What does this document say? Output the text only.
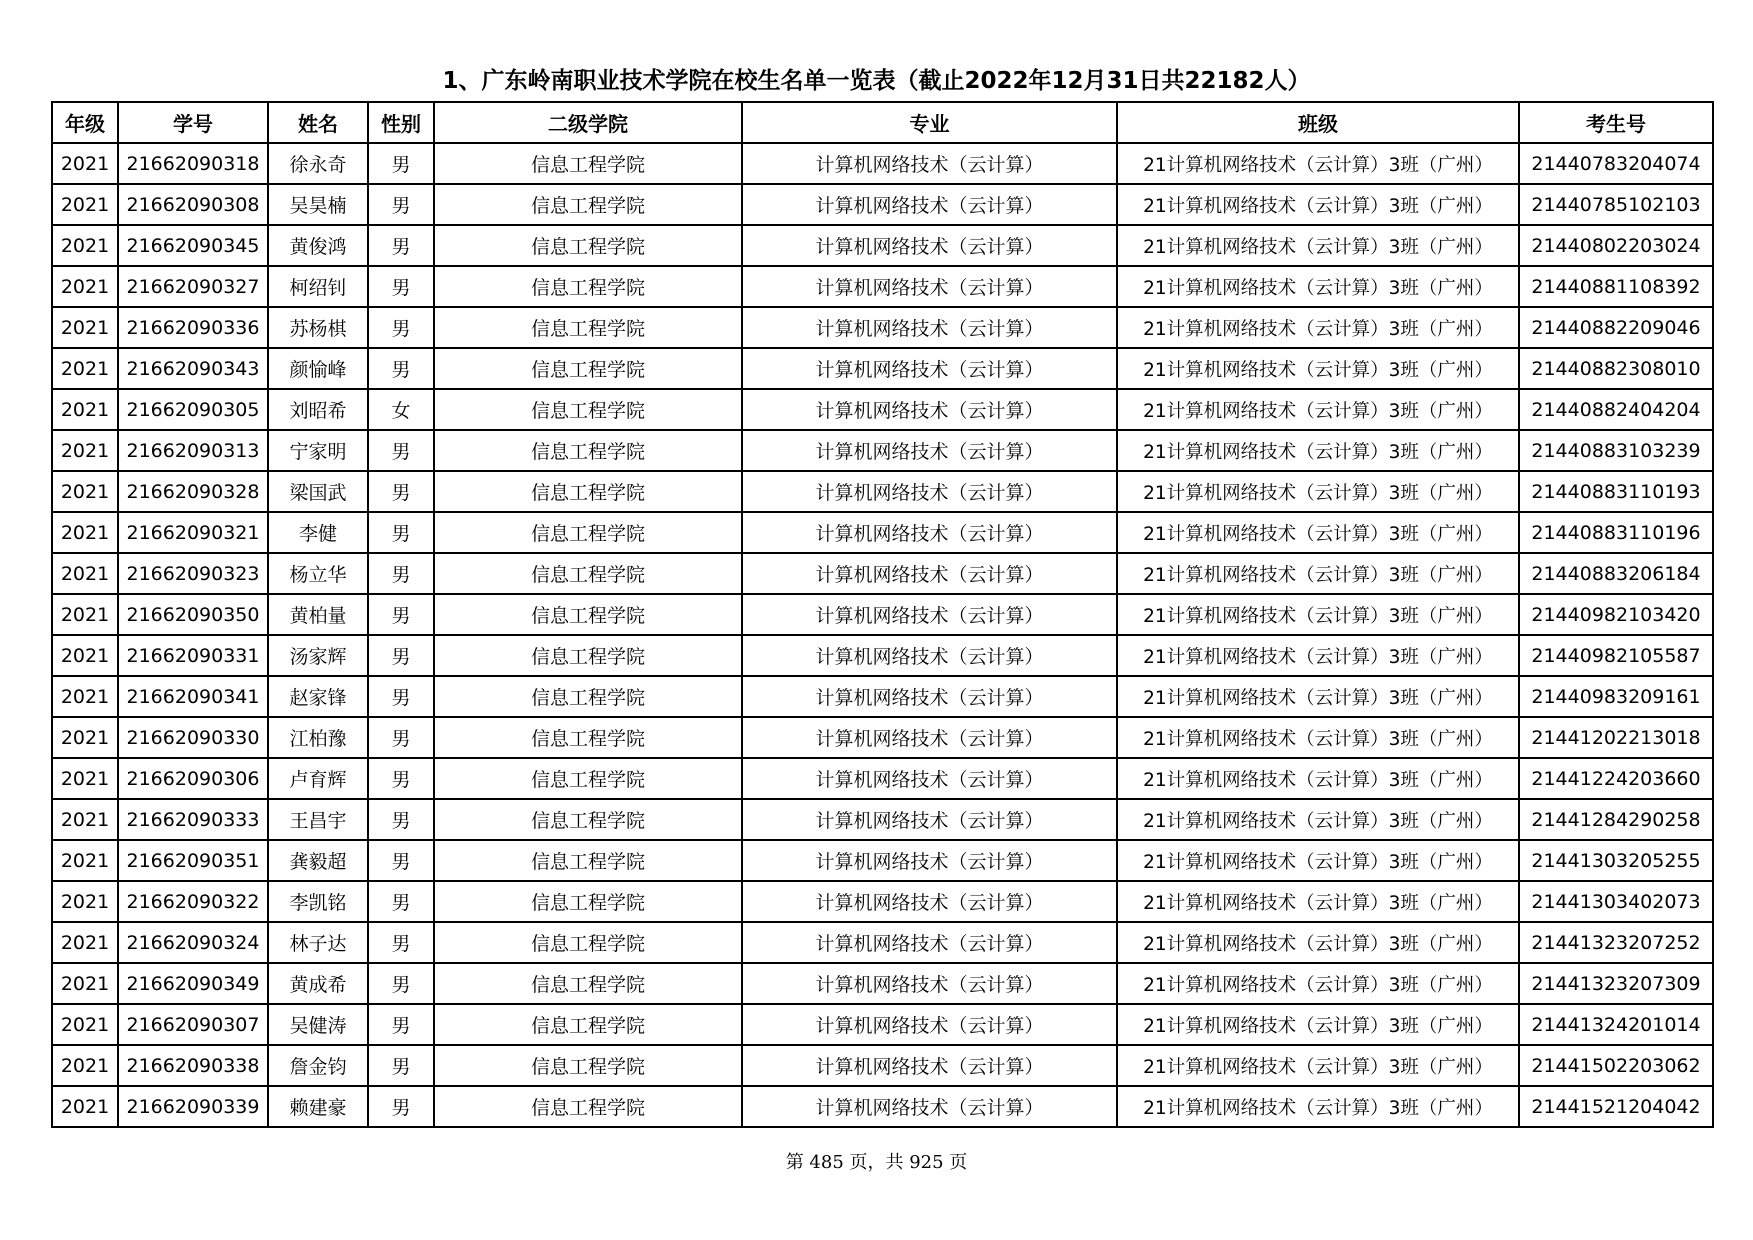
1、广东岭南职业技术学院在校生名单一览表（截止2022年12月31日共22182人）
年级	学号	姓名	性别	二级学院	专业	班级	考生号
2021	21662090318	徐永奇	男	信息工程学院	计算机网络技术（云计算）	21计算机网络技术（云计算）3班（广州）	21440783204074
2021	21662090308	吴昊楠	男	信息工程学院	计算机网络技术（云计算）	21计算机网络技术（云计算）3班（广州）	21440785102103
2021	21662090345	黄俊鸿	男	信息工程学院	计算机网络技术（云计算）	21计算机网络技术（云计算）3班（广州）	21440802203024
2021	21662090327	柯绍钊	男	信息工程学院	计算机网络技术（云计算）	21计算机网络技术（云计算）3班（广州）	21440881108392
2021	21662090336	苏杨棋	男	信息工程学院	计算机网络技术（云计算）	21计算机网络技术（云计算）3班（广州）	21440882209046
2021	21662090343	颜愉峰	男	信息工程学院	计算机网络技术（云计算）	21计算机网络技术（云计算）3班（广州）	21440882308010
2021	21662090305	刘昭希	女	信息工程学院	计算机网络技术（云计算）	21计算机网络技术（云计算）3班（广州）	21440882404204
2021	21662090313	宁家明	男	信息工程学院	计算机网络技术（云计算）	21计算机网络技术（云计算）3班（广州）	21440883103239
2021	21662090328	梁国武	男	信息工程学院	计算机网络技术（云计算）	21计算机网络技术（云计算）3班（广州）	21440883110193
2021	21662090321	李健	男	信息工程学院	计算机网络技术（云计算）	21计算机网络技术（云计算）3班（广州）	21440883110196
2021	21662090323	杨立华	男	信息工程学院	计算机网络技术（云计算）	21计算机网络技术（云计算）3班（广州）	21440883206184
2021	21662090350	黄柏量	男	信息工程学院	计算机网络技术（云计算）	21计算机网络技术（云计算）3班（广州）	21440982103420
2021	21662090331	汤家辉	男	信息工程学院	计算机网络技术（云计算）	21计算机网络技术（云计算）3班（广州）	21440982105587
2021	21662090341	赵家锋	男	信息工程学院	计算机网络技术（云计算）	21计算机网络技术（云计算）3班（广州）	21440983209161
2021	21662090330	江柏豫	男	信息工程学院	计算机网络技术（云计算）	21计算机网络技术（云计算）3班（广州）	21441202213018
2021	21662090306	卢育辉	男	信息工程学院	计算机网络技术（云计算）	21计算机网络技术（云计算）3班（广州）	21441224203660
2021	21662090333	王昌宇	男	信息工程学院	计算机网络技术（云计算）	21计算机网络技术（云计算）3班（广州）	21441284290258
2021	21662090351	龚毅超	男	信息工程学院	计算机网络技术（云计算）	21计算机网络技术（云计算）3班（广州）	21441303205255
2021	21662090322	李凯铭	男	信息工程学院	计算机网络技术（云计算）	21计算机网络技术（云计算）3班（广州）	21441303402073
2021	21662090324	林子达	男	信息工程学院	计算机网络技术（云计算）	21计算机网络技术（云计算）3班（广州）	21441323207252
2021	21662090349	黄成希	男	信息工程学院	计算机网络技术（云计算）	21计算机网络技术（云计算）3班（广州）	21441323207309
2021	21662090307	吴健涛	男	信息工程学院	计算机网络技术（云计算）	21计算机网络技术（云计算）3班（广州）	21441324201014
2021	21662090338	詹金钧	男	信息工程学院	计算机网络技术（云计算）	21计算机网络技术（云计算）3班（广州）	21441502203062
2021	21662090339	赖建豪	男	信息工程学院	计算机网络技术（云计算）	21计算机网络技术（云计算）3班（广州）	21441521204042
第 485 页，共 925 页
